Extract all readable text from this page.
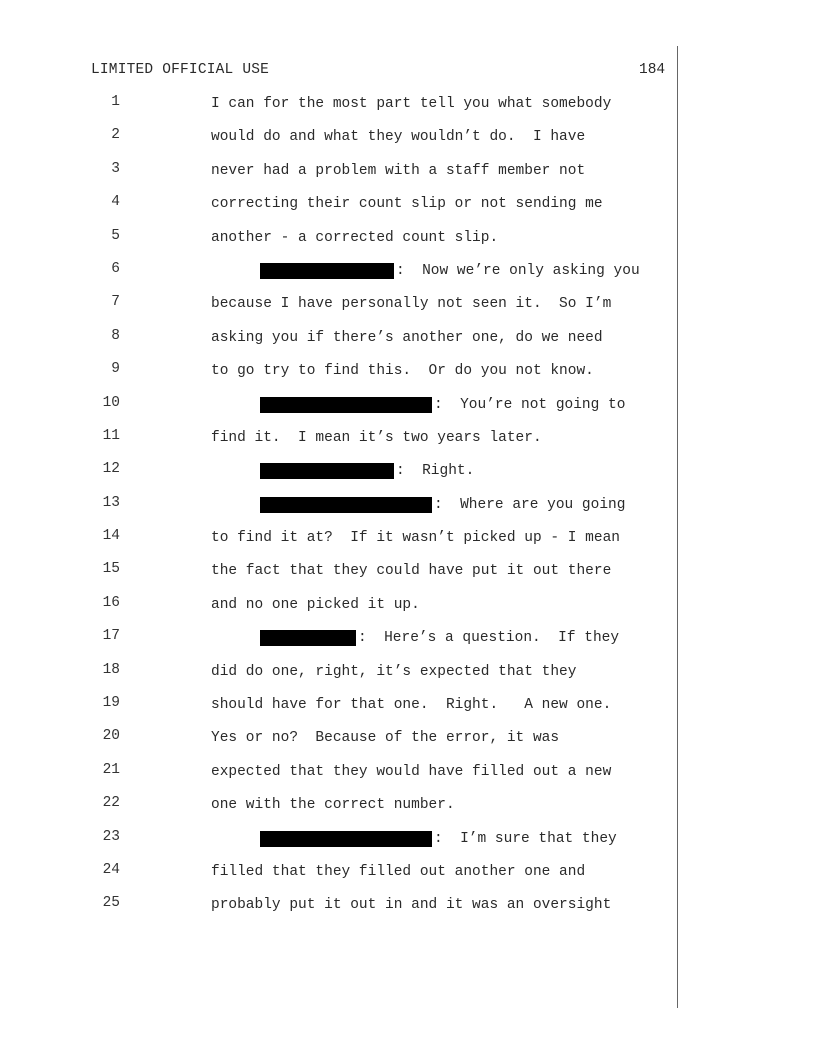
LIMITED OFFICIAL USE	184
1	I can for the most part tell you what somebody
2	would do and what they wouldn’t do.  I have
3	never had a problem with a staff member not
4	correcting their count slip or not sending me
5	another - a corrected count slip.
6	:  Now we’re only asking you
7	because I have personally not seen it.  So I’m
8	asking you if there’s another one, do we need
9	to go try to find this.  Or do you not know.
10	:  You’re not going to
11	find it.  I mean it’s two years later.
12	:  Right.
13	:  Where are you going
14	to find it at?  If it wasn’t picked up - I mean
15	the fact that they could have put it out there
16	and no one picked it up.
17	:  Here’s a question.  If they
18	did do one, right, it’s expected that they
19	should have for that one.  Right.   A new one.
20	Yes or no?  Because of the error, it was
21	expected that they would have filled out a new
22	one with the correct number.
23	:  I’m sure that they
24	filled that they filled out another one and
25	probably put it out in and it was an oversight
